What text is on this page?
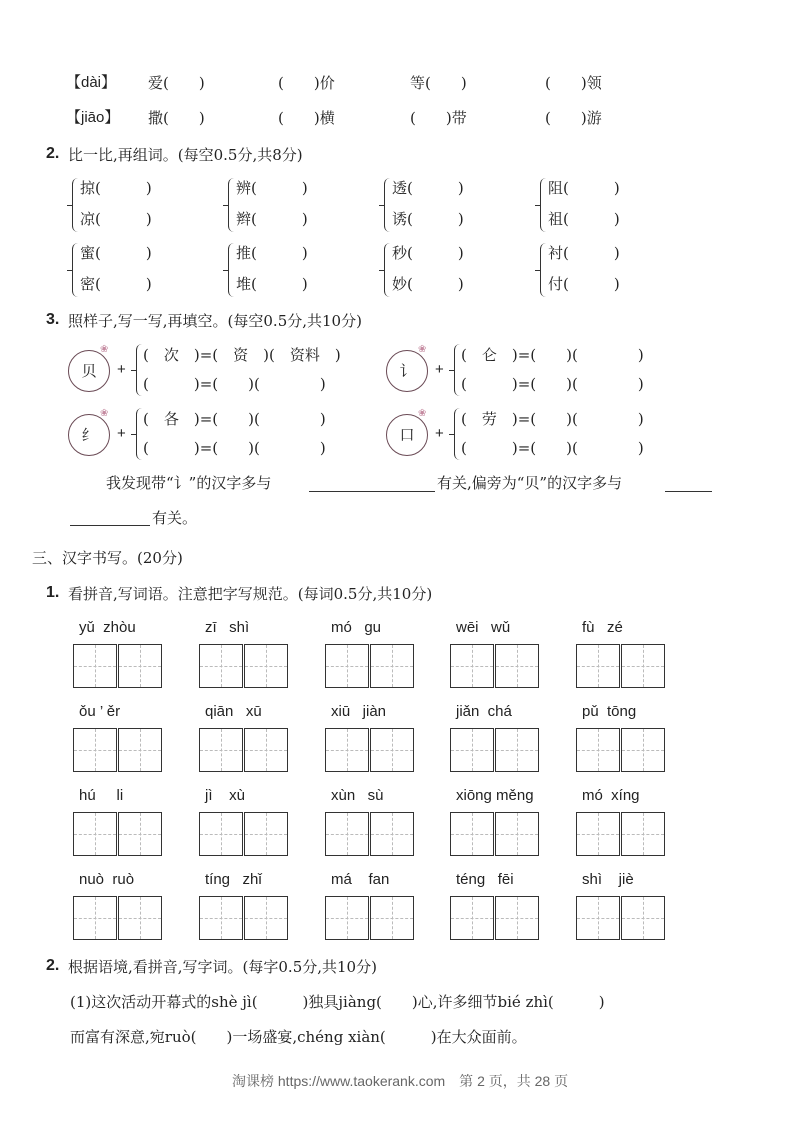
【dài】 爱(　　)	(　　)价	等(　　)	(　　)领
【jiāo】 撒(　　)	(　　)横	(　　)带	(　　)游
2. 比一比,再组词。(每空0.5分,共8分)
掠(　　　)
凉(　　　)
辨(　　　)
辫(　　　)
透(　　　)
诱(　　　)
阻(　　　)
祖(　　　)
蜜(　　　)
密(　　　)
推(　　　)
堆(　　　)
秒(　　　)
妙(　　　)
衬(　　　)
付(　　　)
3. 照样子,写一写,再填空。(每空0.5分,共10分)
贝
❀
+
(　次　)=(　资　)(　资料　)
(　　　)=(　　)(　　　　)
讠
❀
+
(　仑　)=(　　)(　　　　)
(　　　)=(　　)(　　　　)
纟
❀
+
(　各　)=(　　)(　　　　)
(　　　)=(　　)(　　　　)
口
❀
+
(　劳　)=(　　)(　　　　)
(　　　)=(　　)(　　　　)
我发现带“讠”的汉字多与	有关,偏旁为“贝”的汉字多与
有关。
三、汉字书写。(20分)
1. 看拼音,写词语。注意把字写规范。(每词0.5分,共10分)
yǔ  zhòu	zī   shì	mó   gu	wēi   wǔ	fù   zé
ǒu ’ ěr	qiān   xū	xiū   jiàn	jiǎn  chá	pǔ  tōng
hú     li	jì    xù	xùn   sù	xiōng měng	mó  xíng
nuò  ruò	tíng   zhǐ	má    fan	téng   fēi	shì    jiè
2. 根据语境,看拼音,写字词。(每字0.5分,共10分)
(1)这次活动开幕式的shè jì(　　　)独具jiàng(　　)心,许多细节bié zhì(　　　)
而富有深意,宛ruò(　　)一场盛宴,chéng xiàn(　　　)在大众面前。
淘课榜 https://www.taokerank.com　第 2 页，共 28 页
